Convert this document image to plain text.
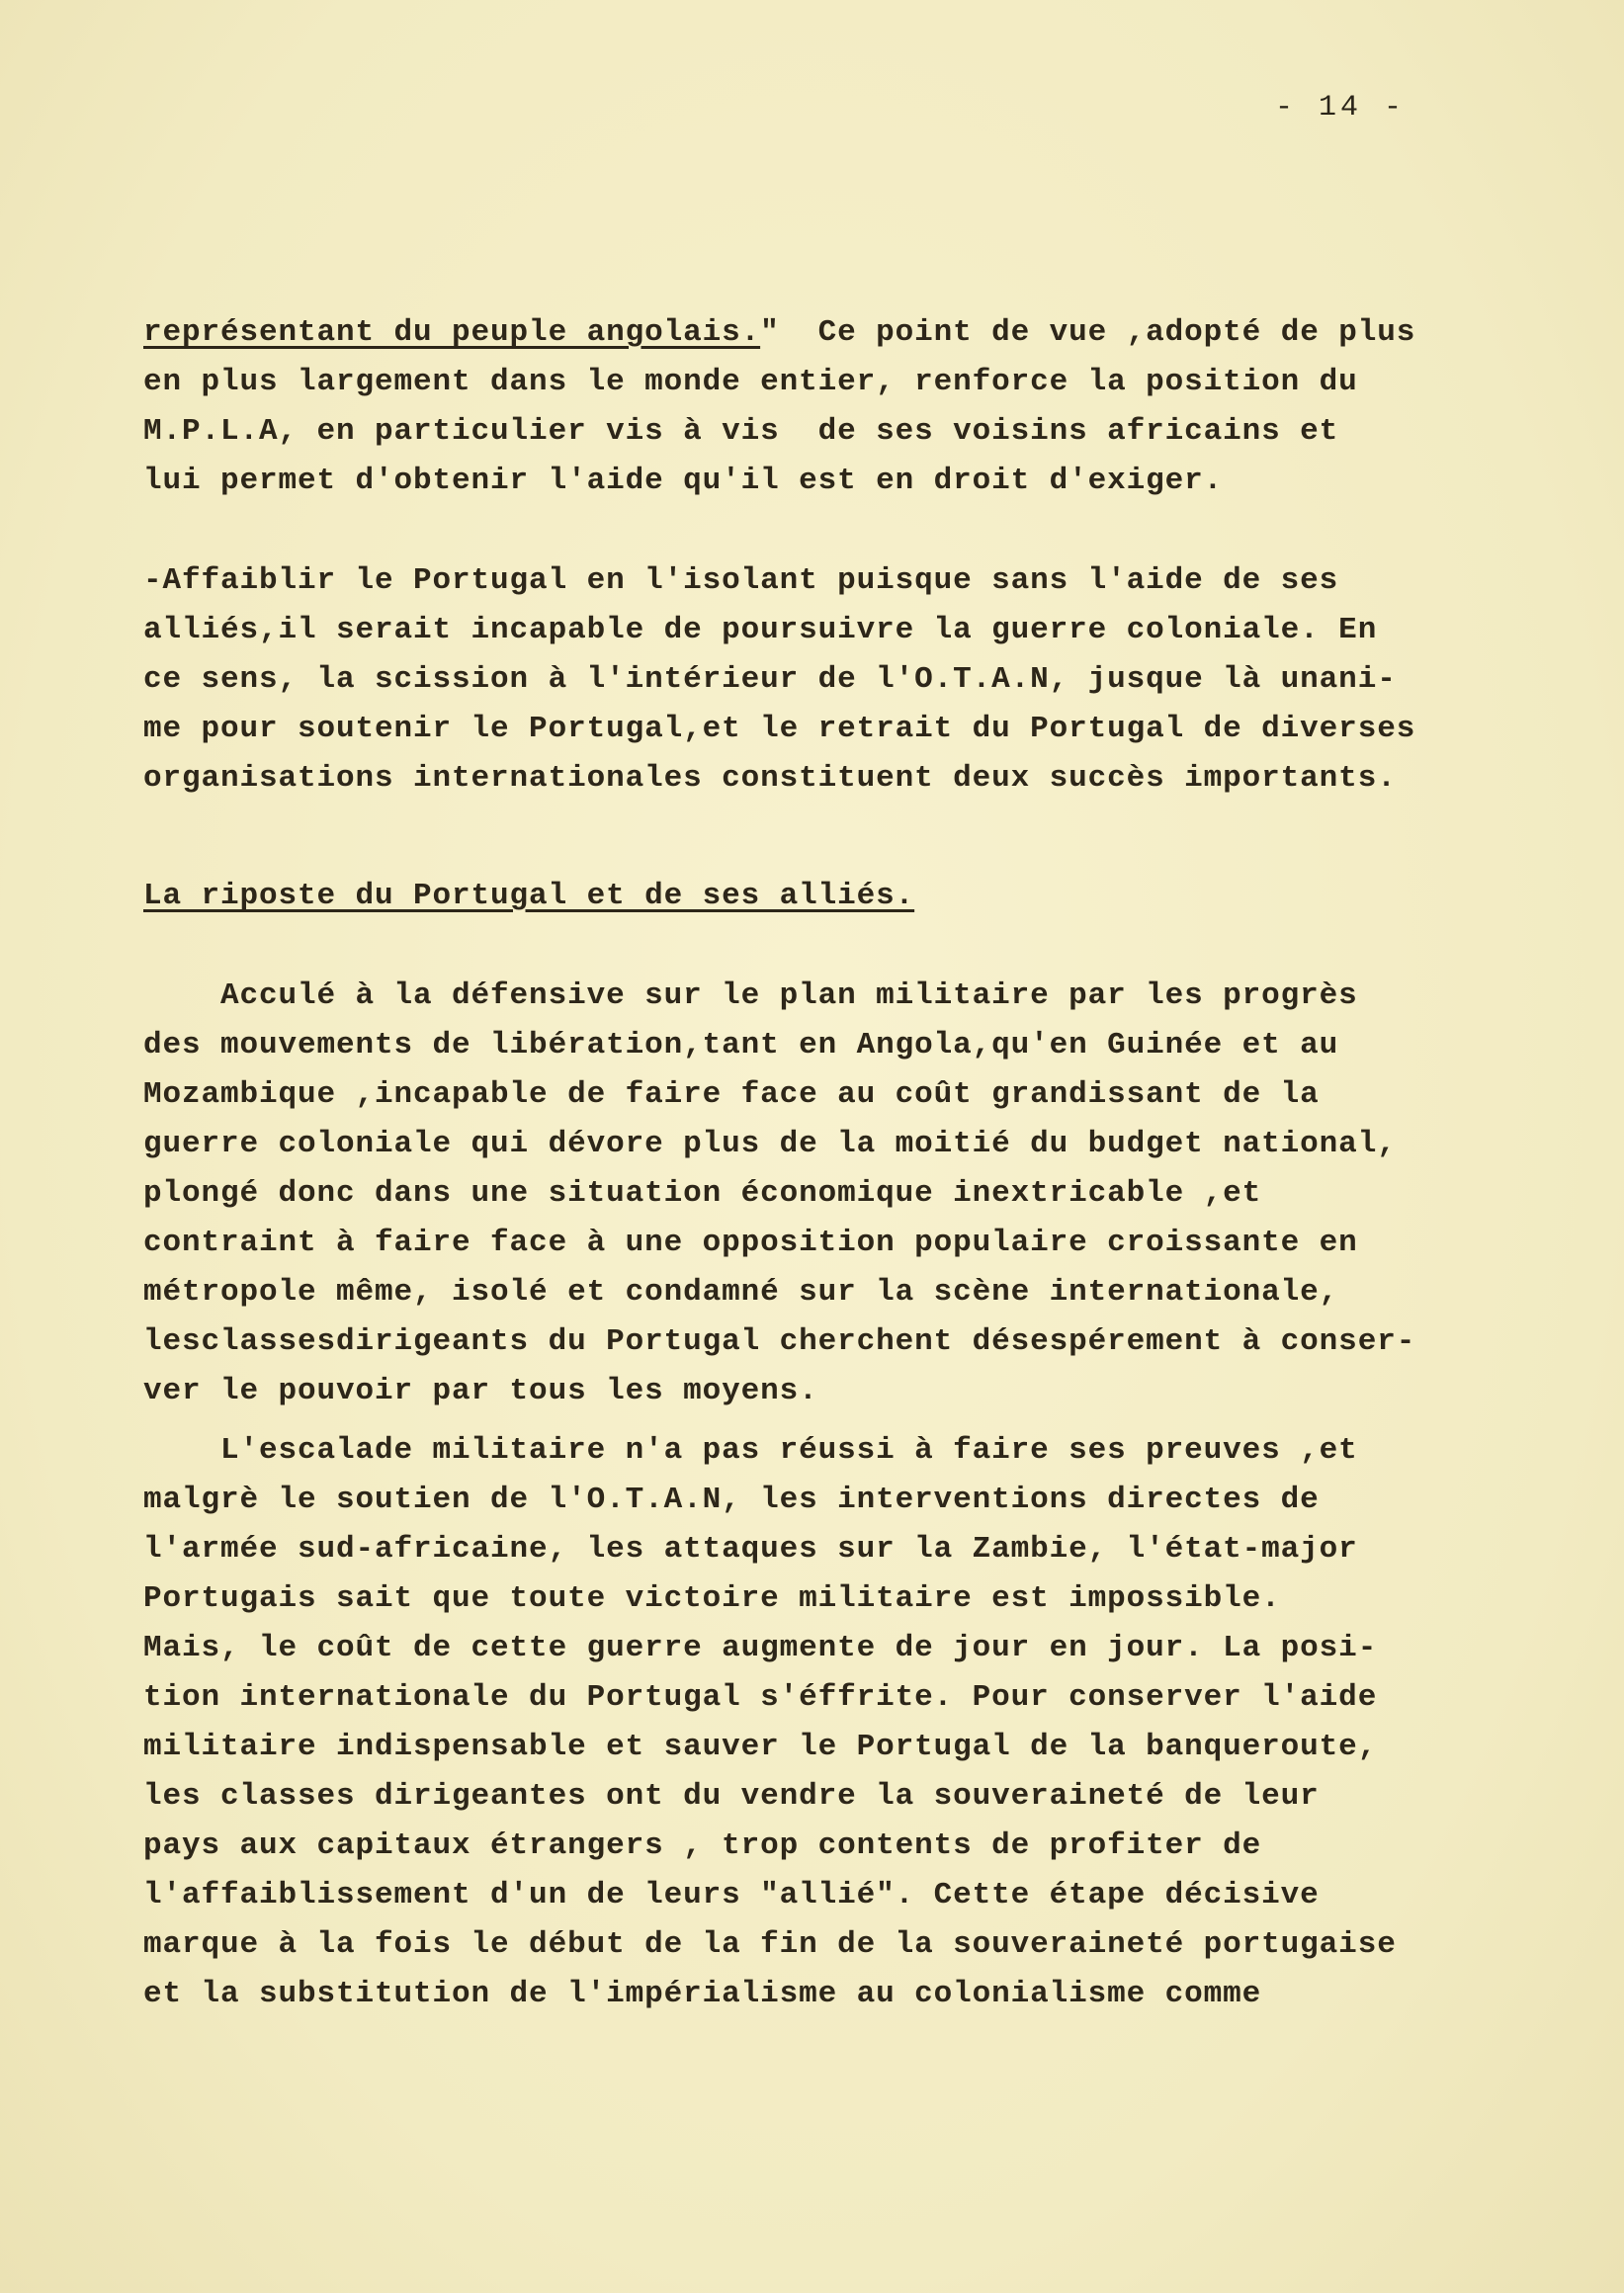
- 14 -
représentant du peuple angolais."  Ce point de vue ,adopté de plus
en plus largement dans le monde entier, renforce la position du
M.P.L.A, en particulier vis à vis  de ses voisins africains et
lui permet d'obtenir l'aide qu'il est en droit d'exiger.
-Affaiblir le Portugal en l'isolant puisque sans l'aide de ses
alliés,il serait incapable de poursuivre la guerre coloniale. En
ce sens, la scission à l'intérieur de l'O.T.A.N, jusque là unani-
me pour soutenir le Portugal,et le retrait du Portugal de diverses
organisations internationales constituent deux succès importants.
La riposte du Portugal et de ses alliés.
Acculé à la défensive sur le plan militaire par les progrès
des mouvements de libération,tant en Angola,qu'en Guinée et au
Mozambique ,incapable de faire face au coût grandissant de la
guerre coloniale qui dévore plus de la moitié du budget national,
plongé donc dans une situation économique inextricable ,et
contraint à faire face à une opposition populaire croissante en
métropole même, isolé et condamné sur la scène internationale,
lesclassesdirigeants du Portugal cherchent désespérement à conser-
ver le pouvoir par tous les moyens.
L'escalade militaire n'a pas réussi à faire ses preuves ,et
malgrè le soutien de l'O.T.A.N, les interventions directes de
l'armée sud-africaine, les attaques sur la Zambie, l'état-major
Portugais sait que toute victoire militaire est impossible.
Mais, le coût de cette guerre augmente de jour en jour. La posi-
tion internationale du Portugal s'éffrite. Pour conserver l'aide
militaire indispensable et sauver le Portugal de la banqueroute,
les classes dirigeantes ont du vendre la souveraineté de leur
pays aux capitaux étrangers , trop contents de profiter de
l'affaiblissement d'un de leurs "allié". Cette étape décisive
marque à la fois le début de la fin de la souveraineté portugaise
et la substitution de l'impérialisme au colonialisme comme
